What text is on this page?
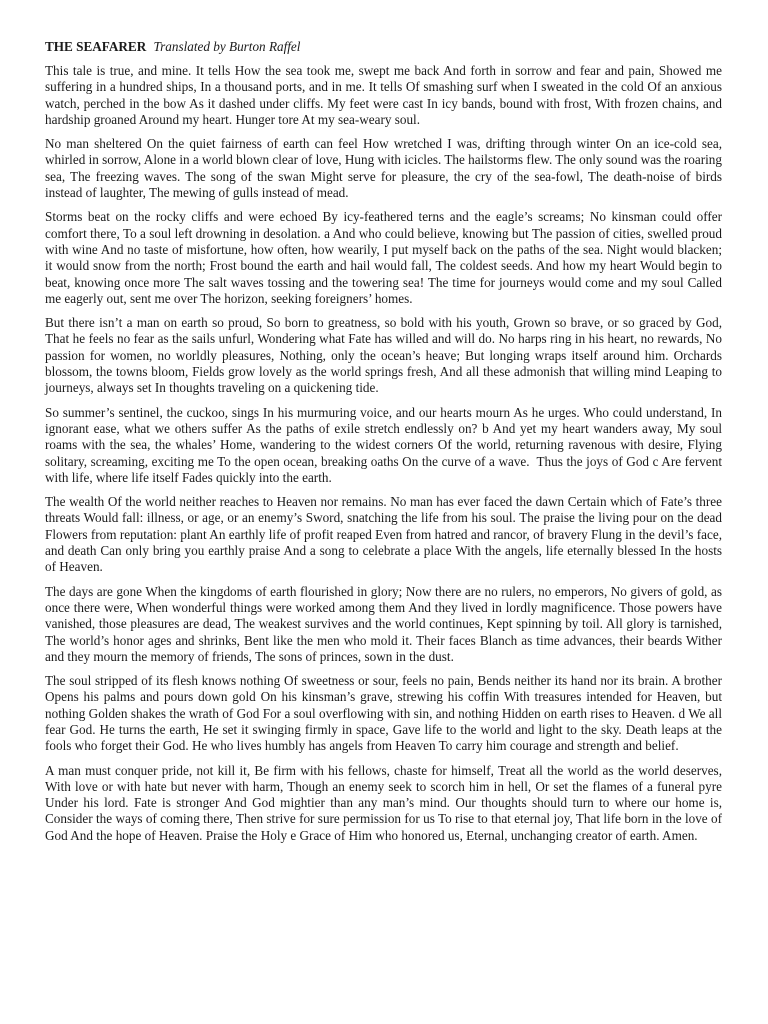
THE SEAFARER Translated by Burton Raffel

This tale is true, and mine. It tells How the sea took me, swept me back And forth in sorrow and fear and pain, Showed me suffering in a hundred ships, In a thousand ports, and in me. It tells Of smashing surf when I sweated in the cold Of an anxious watch, perched in the bow As it dashed under cliffs. My feet were cast In icy bands, bound with frost, With frozen chains, and hardship groaned Around my heart. Hunger tore At my sea-weary soul.

No man sheltered On the quiet fairness of earth can feel How wretched I was, drifting through winter On an ice-cold sea, whirled in sorrow, Alone in a world blown clear of love, Hung with icicles. The hailstorms flew. The only sound was the roaring sea, The freezing waves. The song of the swan Might serve for pleasure, the cry of the sea-fowl, The death-noise of birds instead of laughter, The mewing of gulls instead of mead.

Storms beat on the rocky cliffs and were echoed By icy-feathered terns and the eagle’s screams; No kinsman could offer comfort there, To a soul left drowning in desolation. a And who could believe, knowing but The passion of cities, swelled proud with wine And no taste of misfortune, how often, how wearily, I put myself back on the paths of the sea. Night would blacken; it would snow from the north; Frost bound the earth and hail would fall, The coldest seeds. And how my heart Would begin to beat, knowing once more The salt waves tossing and the towering sea! The time for journeys would come and my soul Called me eagerly out, sent me over The horizon, seeking foreigners’ homes.

But there isn’t a man on earth so proud, So born to greatness, so bold with his youth, Grown so brave, or so graced by God, That he feels no fear as the sails unfurl, Wondering what Fate has willed and will do. No harps ring in his heart, no rewards, No passion for women, no worldly pleasures, Nothing, only the ocean’s heave; But longing wraps itself around him. Orchards blossom, the towns bloom, Fields grow lovely as the world springs fresh, And all these admonish that willing mind Leaping to journeys, always set In thoughts traveling on a quickening tide.

So summer’s sentinel, the cuckoo, sings In his murmuring voice, and our hearts mourn As he urges. Who could understand, In ignorant ease, what we others suffer As the paths of exile stretch endlessly on? b And yet my heart wanders away, My soul roams with the sea, the whales’ Home, wandering to the widest corners Of the world, returning ravenous with desire, Flying solitary, screaming, exciting me To the open ocean, breaking oaths On the curve of a wave.  Thus the joys of God c Are fervent with life, where life itself Fades quickly into the earth.

The wealth Of the world neither reaches to Heaven nor remains. No man has ever faced the dawn Certain which of Fate’s three threats Would fall: illness, or age, or an enemy’s Sword, snatching the life from his soul. The praise the living pour on the dead Flowers from reputation: plant An earthly life of profit reaped Even from hatred and rancor, of bravery Flung in the devil’s face, and death Can only bring you earthly praise And a song to celebrate a place With the angels, life eternally blessed In the hosts of Heaven.

The days are gone When the kingdoms of earth flourished in glory; Now there are no rulers, no emperors, No givers of gold, as once there were, When wonderful things were worked among them And they lived in lordly magnificence. Those powers have vanished, those pleasures are dead, The weakest survives and the world continues, Kept spinning by toil. All glory is tarnished, The world’s honor ages and shrinks, Bent like the men who mold it. Their faces Blanch as time advances, their beards Wither and they mourn the memory of friends, The sons of princes, sown in the dust.

The soul stripped of its flesh knows nothing Of sweetness or sour, feels no pain, Bends neither its hand nor its brain. A brother Opens his palms and pours down gold On his kinsman’s grave, strewing his coffin With treasures intended for Heaven, but nothing Golden shakes the wrath of God For a soul overflowing with sin, and nothing Hidden on earth rises to Heaven. d We all fear God. He turns the earth, He set it swinging firmly in space, Gave life to the world and light to the sky. Death leaps at the fools who forget their God. He who lives humbly has angels from Heaven To carry him courage and strength and belief.

A man must conquer pride, not kill it, Be firm with his fellows, chaste for himself, Treat all the world as the world deserves, With love or with hate but never with harm, Though an enemy seek to scorch him in hell, Or set the flames of a funeral pyre Under his lord. Fate is stronger And God mightier than any man’s mind. Our thoughts should turn to where our home is, Consider the ways of coming there, Then strive for sure permission for us To rise to that eternal joy, That life born in the love of God And the hope of Heaven. Praise the Holy e Grace of Him who honored us, Eternal, unchanging creator of earth. Amen.
